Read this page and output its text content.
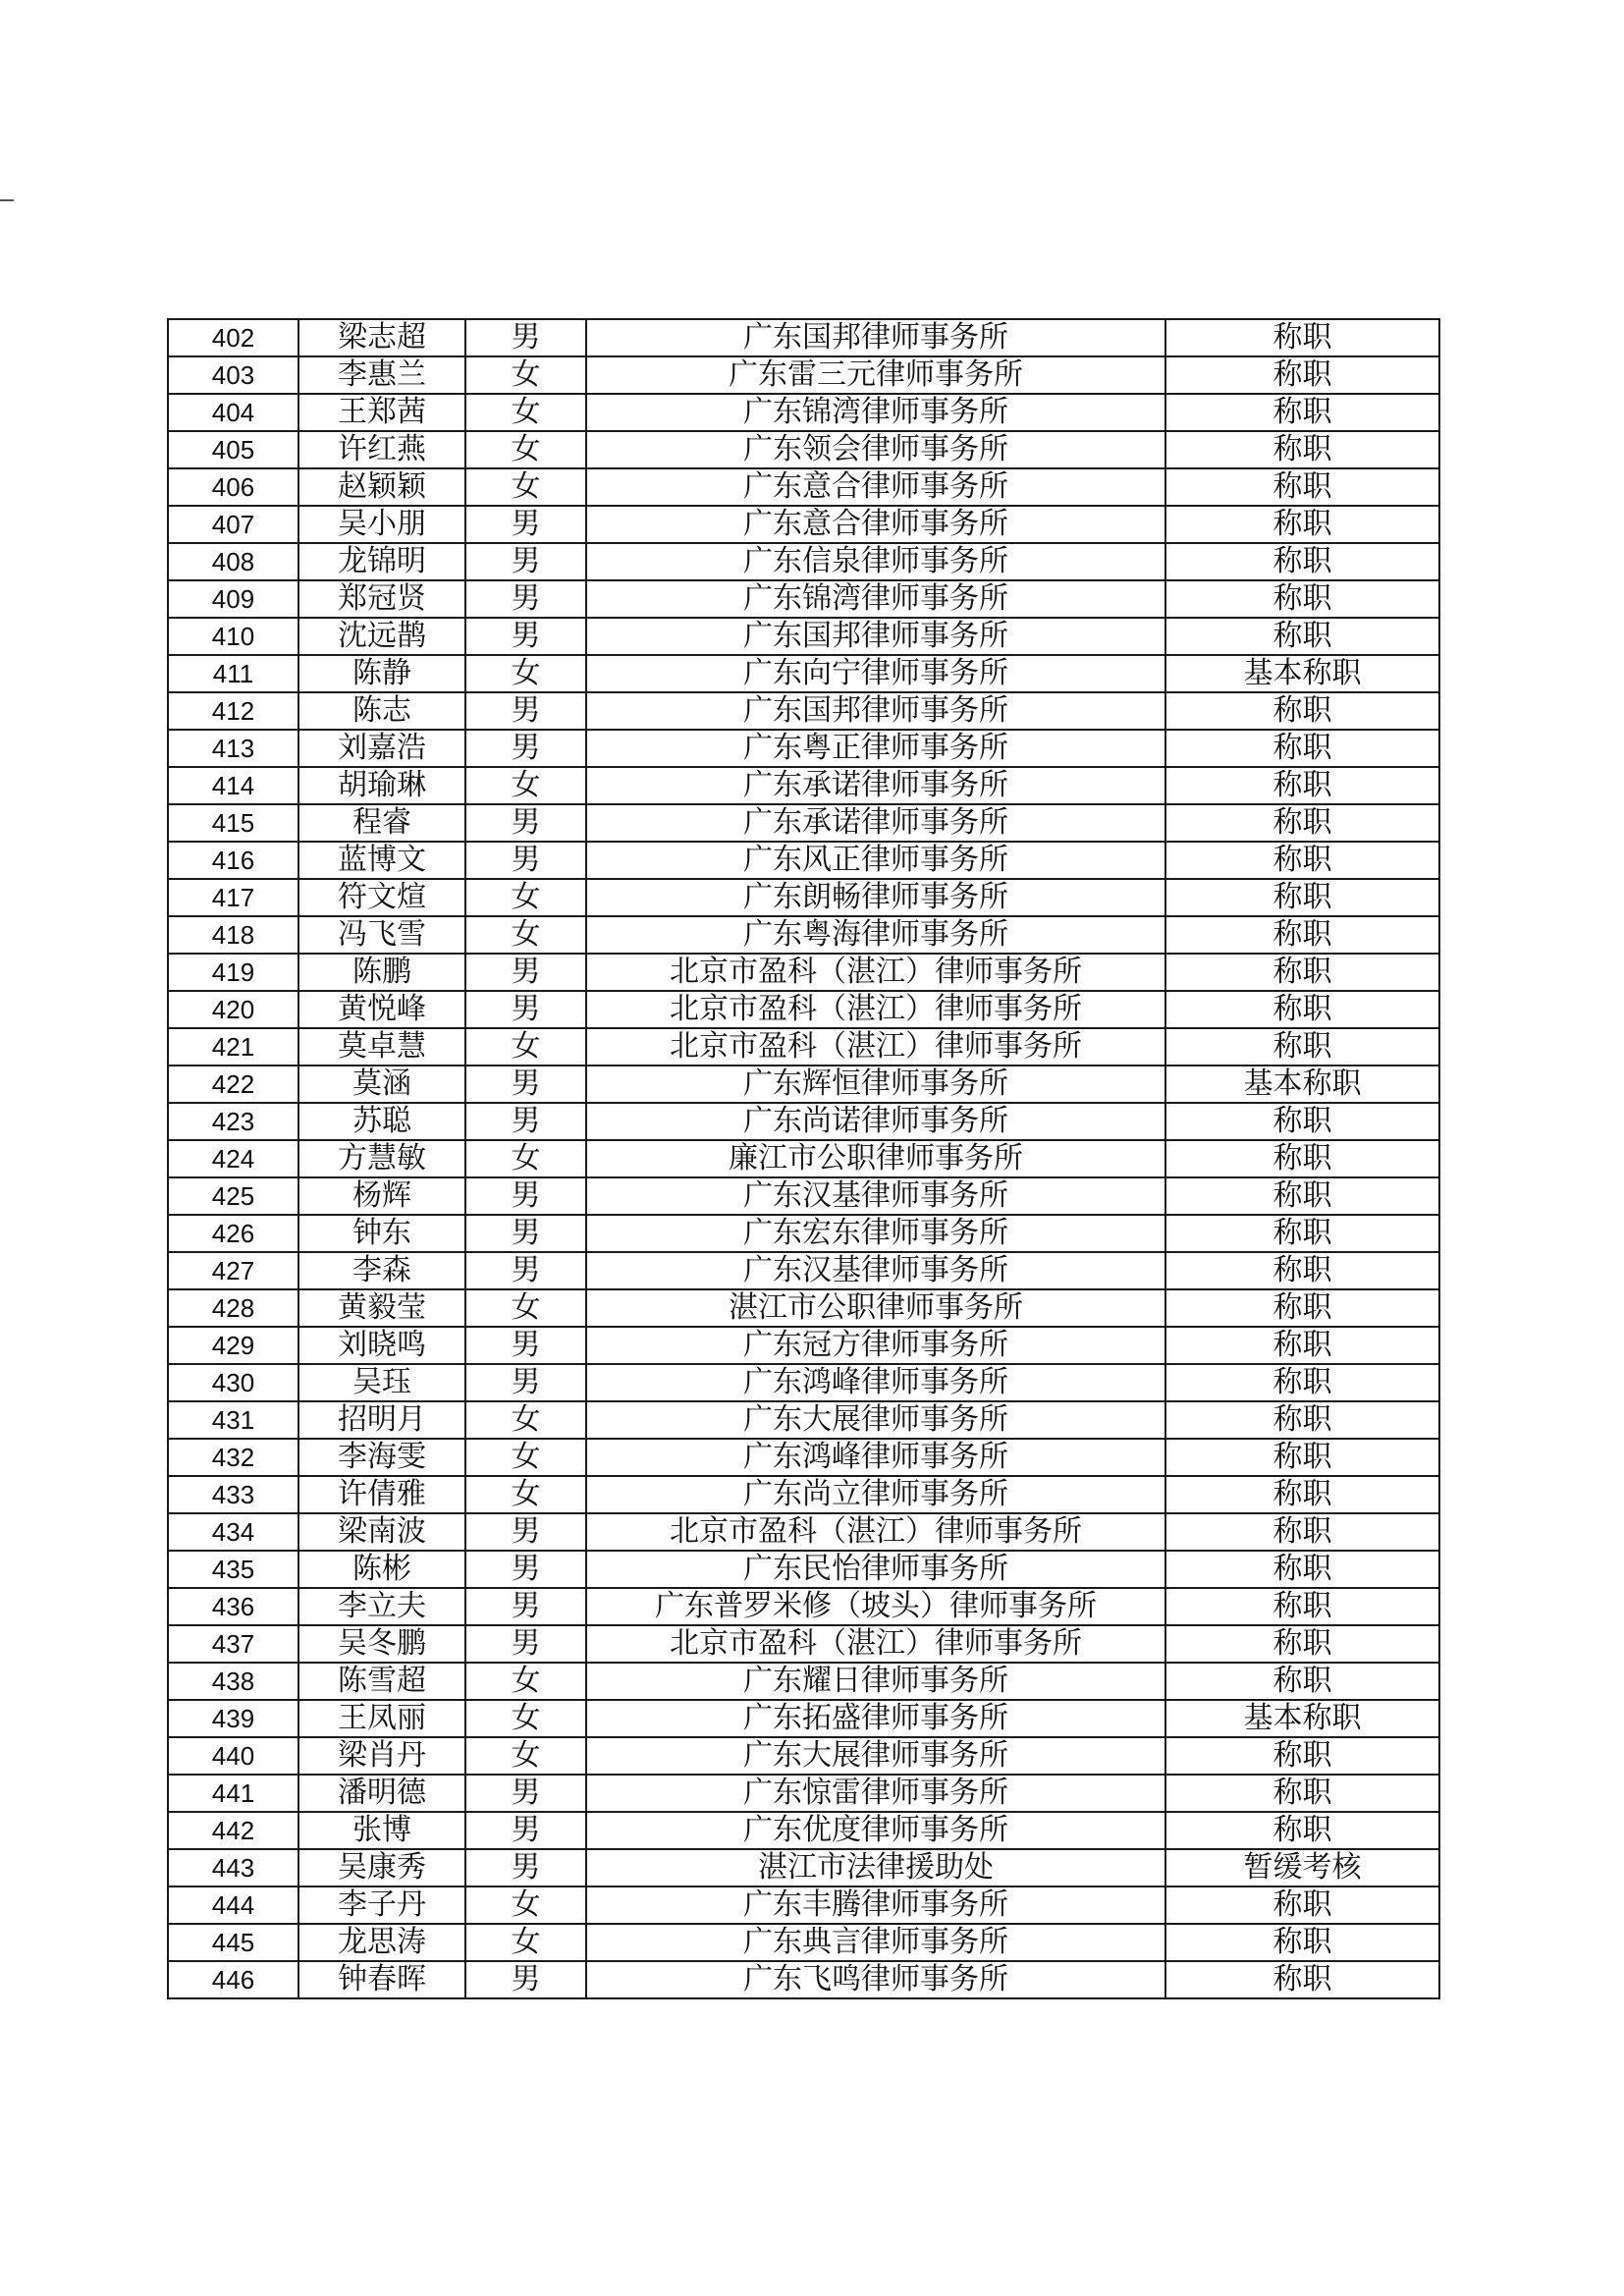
402	梁志超	男	广东国邦律师事务所	称职
403	李惠兰	女	广东雷三元律师事务所	称职
404	王郑茜	女	广东锦湾律师事务所	称职
405	许红燕	女	广东领会律师事务所	称职
406	赵颖颖	女	广东意合律师事务所	称职
407	吴小朋	男	广东意合律师事务所	称职
408	龙锦明	男	广东信泉律师事务所	称职
409	郑冠贤	男	广东锦湾律师事务所	称职
410	沈远鹊	男	广东国邦律师事务所	称职
411	陈静	女	广东向宁律师事务所	基本称职
412	陈志	男	广东国邦律师事务所	称职
413	刘嘉浩	男	广东粤正律师事务所	称职
414	胡瑜琳	女	广东承诺律师事务所	称职
415	程睿	男	广东承诺律师事务所	称职
416	蓝博文	男	广东风正律师事务所	称职
417	符文煊	女	广东朗畅律师事务所	称职
418	冯飞雪	女	广东粤海律师事务所	称职
419	陈鹏	男	北京市盈科（湛江）律师事务所	称职
420	黄悦峰	男	北京市盈科（湛江）律师事务所	称职
421	莫卓慧	女	北京市盈科（湛江）律师事务所	称职
422	莫涵	男	广东辉恒律师事务所	基本称职
423	苏聪	男	广东尚诺律师事务所	称职
424	方慧敏	女	廉江市公职律师事务所	称职
425	杨辉	男	广东汉基律师事务所	称职
426	钟东	男	广东宏东律师事务所	称职
427	李森	男	广东汉基律师事务所	称职
428	黄毅莹	女	湛江市公职律师事务所	称职
429	刘晓鸣	男	广东冠方律师事务所	称职
430	吴珏	男	广东鸿峰律师事务所	称职
431	招明月	女	广东大展律师事务所	称职
432	李海雯	女	广东鸿峰律师事务所	称职
433	许倩雅	女	广东尚立律师事务所	称职
434	梁南波	男	北京市盈科（湛江）律师事务所	称职
435	陈彬	男	广东民怡律师事务所	称职
436	李立夫	男	广东普罗米修（坡头）律师事务所	称职
437	吴冬鹏	男	北京市盈科（湛江）律师事务所	称职
438	陈雪超	女	广东耀日律师事务所	称职
439	王凤丽	女	广东拓盛律师事务所	基本称职
440	梁肖丹	女	广东大展律师事务所	称职
441	潘明德	男	广东惊雷律师事务所	称职
442	张博	男	广东优度律师事务所	称职
443	吴康秀	男	湛江市法律援助处	暂缓考核
444	李子丹	女	广东丰腾律师事务所	称职
445	龙思涛	女	广东典言律师事务所	称职
446	钟春晖	男	广东飞鸣律师事务所	称职
